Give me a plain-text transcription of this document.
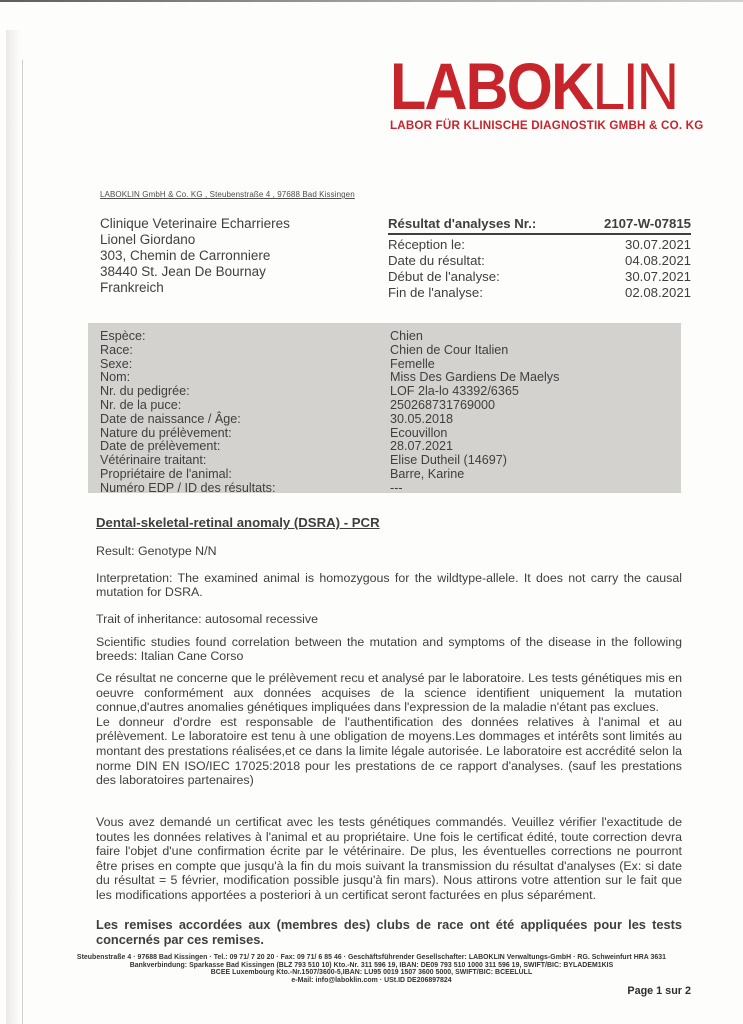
LABOKLIN
LABOR FÜR KLINISCHE DIAGNOSTIK GMBH & CO. KG
LABOKLIN GmbH & Co. KG , Steubenstraße 4 , 97688 Bad Kissingen
Clinique Veterinaire Echarrieres
Lionel Giordano
303, Chemin de Carronniere
38440 St. Jean De Bournay
Frankreich
Résultat d'analyses Nr.:	2107-W-07815
Réception le:	30.07.2021
Date du résultat:	04.08.2021
Début de l'analyse:	30.07.2021
Fin de l'analyse:	02.08.2021
Espèce:	Chien
Race:	Chien de Cour Italien
Sexe:	Femelle
Nom:	Miss Des Gardiens De Maelys
Nr. du pedigrée:	LOF 2la-lo 43392/6365
Nr. de la puce:	250268731769000
Date de naissance / Âge:	30.05.2018
Nature du prélèvement:	Ecouvillon
Date de prélèvement:	28.07.2021
Vétérinaire traitant:	Elise Dutheil (14697)
Propriétaire de l'animal:	Barre, Karine
Numéro EDP / ID des résultats:	---
Dental-skeletal-retinal anomaly (DSRA) - PCR
Result: Genotype N/N
Interpretation: The examined animal is homozygous for the wildtype-allele. It does not carry the causal mutation for DSRA.
Trait of inheritance: autosomal recessive
Scientific studies found correlation between the mutation and symptoms of the disease in the following breeds: Italian Cane Corso

Ce résultat ne concerne que le prélèvement recu et analysé par le laboratoire. Les tests génétiques mis en oeuvre conformément aux données acquises de la science identifient uniquement la mutation connue,d'autres anomalies génétiques impliquées dans l'expression de la maladie n'étant pas exclues.

Le donneur d'ordre est responsable de l'authentification des données relatives à l'animal et au prélèvement. Le laboratoire est tenu à une obligation de moyens.Les dommages et intérêts sont limités au montant des prestations réalisées,et ce dans la limite légale autorisée. Le laboratoire est accrédité selon la norme DIN EN ISO/IEC 17025:2018 pour les prestations de ce rapport d'analyses. (sauf les prestations des laboratoires partenaires)

Vous avez demandé un certificat avec les tests génétiques commandés. Veuillez vérifier l'exactitude de toutes les données relatives à l'animal et au propriétaire. Une fois le certificat édité, toute correction devra faire l'objet d'une confirmation écrite par le vétérinaire. De plus, les éventuelles corrections ne pourront être prises en compte que jusqu'à la fin du mois suivant la transmission du résultat d'analyses (Ex: si date du résultat = 5 février, modification possible jusqu'à fin mars). Nous attirons votre attention sur le fait que les modifications apportées a posteriori à un certificat seront facturées en plus séparément.
Les remises accordées aux (membres des) clubs de race ont été appliquées pour les tests concernés par ces remises.
Steubenstraße 4 · 97688 Bad Kissingen · Tel.: 09 71/ 7 20 20 · Fax: 09 71/ 6 85 46 · Geschäftsführender Gesellschafter: LABOKLIN Verwaltungs-GmbH · RG. Schweinfurt HRA 3631
Bankverbindung: Sparkasse Bad Kissingen (BLZ 793 510 10) Kto.-Nr. 311 596 19, IBAN: DE09 793 510 1000 311 596 19, SWIFT/BIC: BYLADEM1KIS
BCEE Luxembourg Kto.-Nr.1507/3600-5,IBAN: LU95 0019 1507 3600 5000, SWIFT/BIC: BCEELULL
e-Mail: info@laboklin.com · USt.ID DE206897824
Page 1 sur 2
